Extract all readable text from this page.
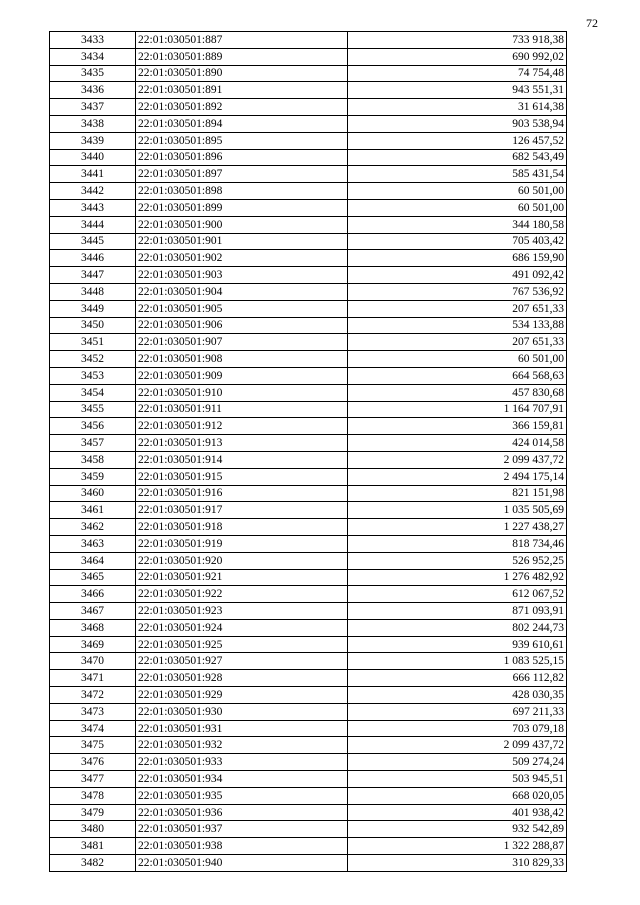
72
3433	22:01:030501:887	733 918,38
3434	22:01:030501:889	690 992,02
3435	22:01:030501:890	74 754,48
3436	22:01:030501:891	943 551,31
3437	22:01:030501:892	31 614,38
3438	22:01:030501:894	903 538,94
3439	22:01:030501:895	126 457,52
3440	22:01:030501:896	682 543,49
3441	22:01:030501:897	585 431,54
3442	22:01:030501:898	60 501,00
3443	22:01:030501:899	60 501,00
3444	22:01:030501:900	344 180,58
3445	22:01:030501:901	705 403,42
3446	22:01:030501:902	686 159,90
3447	22:01:030501:903	491 092,42
3448	22:01:030501:904	767 536,92
3449	22:01:030501:905	207 651,33
3450	22:01:030501:906	534 133,88
3451	22:01:030501:907	207 651,33
3452	22:01:030501:908	60 501,00
3453	22:01:030501:909	664 568,63
3454	22:01:030501:910	457 830,68
3455	22:01:030501:911	1 164 707,91
3456	22:01:030501:912	366 159,81
3457	22:01:030501:913	424 014,58
3458	22:01:030501:914	2 099 437,72
3459	22:01:030501:915	2 494 175,14
3460	22:01:030501:916	821 151,98
3461	22:01:030501:917	1 035 505,69
3462	22:01:030501:918	1 227 438,27
3463	22:01:030501:919	818 734,46
3464	22:01:030501:920	526 952,25
3465	22:01:030501:921	1 276 482,92
3466	22:01:030501:922	612 067,52
3467	22:01:030501:923	871 093,91
3468	22:01:030501:924	802 244,73
3469	22:01:030501:925	939 610,61
3470	22:01:030501:927	1 083 525,15
3471	22:01:030501:928	666 112,82
3472	22:01:030501:929	428 030,35
3473	22:01:030501:930	697 211,33
3474	22:01:030501:931	703 079,18
3475	22:01:030501:932	2 099 437,72
3476	22:01:030501:933	509 274,24
3477	22:01:030501:934	503 945,51
3478	22:01:030501:935	668 020,05
3479	22:01:030501:936	401 938,42
3480	22:01:030501:937	932 542,89
3481	22:01:030501:938	1 322 288,87
3482	22:01:030501:940	310 829,33
